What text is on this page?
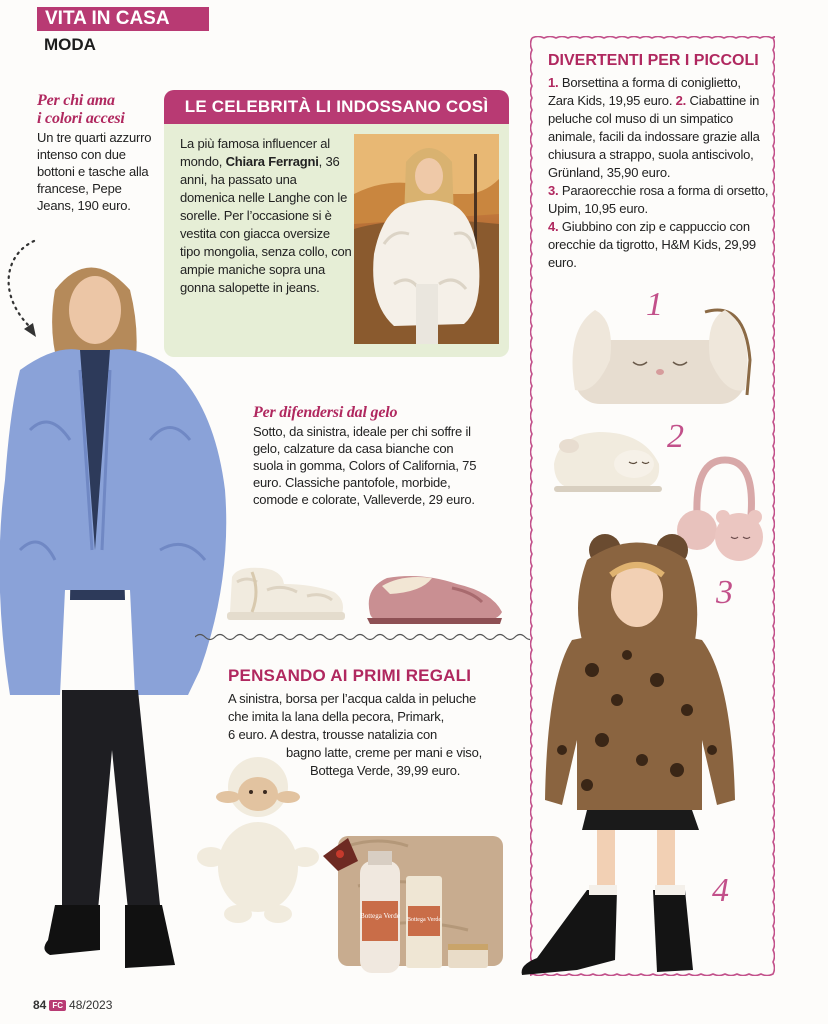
VITA IN CASA
MODA
Per chi ama
i colori accesi
Un tre quarti azzurro intenso con due bottoni e tasche alla francese, Pepe Jeans, 190 euro.
LE CELEBRITÀ LI INDOSSANO COSÌ
La più famosa influencer al mondo, Chiara Ferragni, 36 anni, ha passato una domenica nelle Langhe con le sorelle. Per l’occasione si è vestita con giacca oversize tipo mongolia, senza collo, con ampie maniche sopra una gonna salopette in jeans.
Per difendersi dal gelo
Sotto, da sinistra, ideale per chi soffre il gelo, calzature da casa bianche con suola in gomma, Colors of California, 75 euro. Classiche pantofole, morbide, comode e colorate, Valleverde, 29 euro.
PENSANDO AI PRIMI REGALI
A sinistra, borsa per l’acqua calda in peluche
che imita la lana della pecora, Primark,
6 euro. A destra, trousse natalizia con
bagno latte, creme per mani e viso,
Bottega Verde, 39,99 euro.
Bottega Verde Bottega Verde
DIVERTENTI PER I PICCOLI
1. Borsettina a forma di coniglietto, Zara Kids, 19,95 euro. 2. Ciabattine in peluche col muso di un simpatico animale, facili da indossare grazie alla chiusura a strappo, suola antiscivolo, Grünland, 35,90 euro.
3. Paraorecchie rosa a forma di orsetto, Upim, 10,95 euro.
4. Giubbino con zip e cappuccio con orecchie da tigrotto, H&M Kids, 29,99 euro.
1
2
3
4
84 FC 48/2023
